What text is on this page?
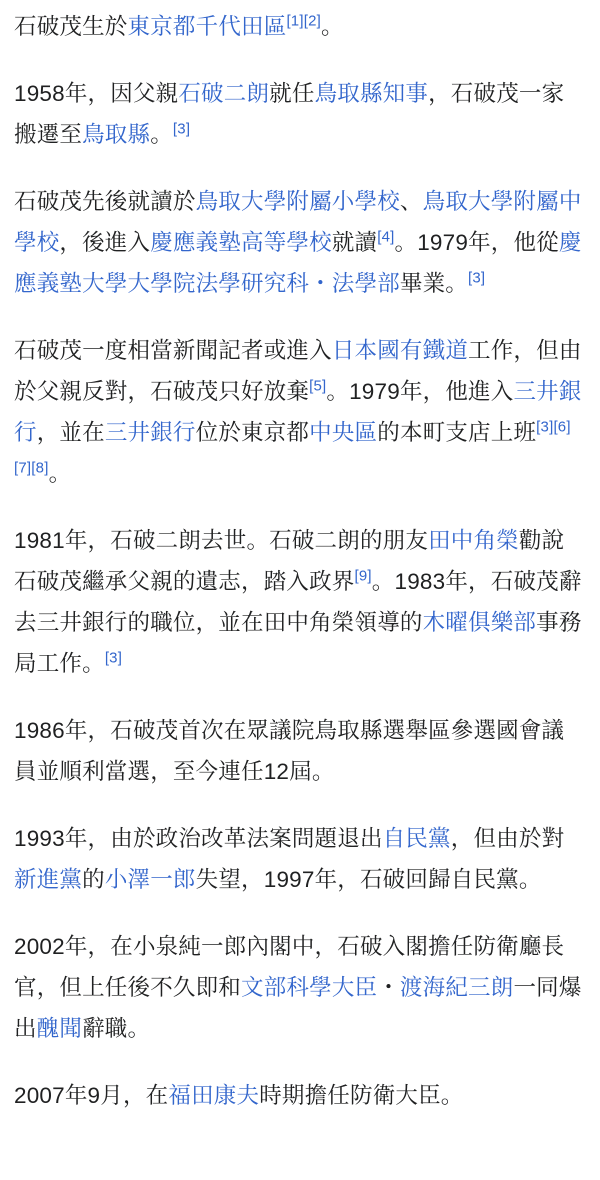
石破茂生於東京都千代田區[1][2]。

1958年，因父親石破二朗就任鳥取縣知事，石破茂一家搬遷至鳥取縣。[3]

石破茂先後就讀於鳥取大學附屬小學校、鳥取大學附屬中學校，後進入慶應義塾高等學校就讀[4]。1979年，他從慶應義塾大學大學院法學研究科・法學部畢業。[3]

石破茂一度相當新聞記者或進入日本國有鐵道工作，但由於父親反對，石破茂只好放棄[5]。1979年，他進入三井銀行，並在三井銀行位於東京都中央區的本町支店上班[3][6][7][8]。

1981年，石破二朗去世。石破二朗的朋友田中角榮勸說石破茂繼承父親的遺志，踏入政界[9]。1983年，石破茂辭去三井銀行的職位，並在田中角榮領導的木曜俱樂部事務局工作。[3]

1986年，石破茂首次在眾議院鳥取縣選舉區參選國會議員並順利當選，至今連任12屆。

1993年，由於政治改革法案問題退出自民黨，但由於對新進黨的小澤一郎失望，1997年，石破回歸自民黨。

2002年，在小泉純一郎內閣中，石破入閣擔任防衛廳長官，但上任後不久即和文部科學大臣・渡海紀三朗一同爆出醜聞辭職。

2007年9月，在福田康夫時期擔任防衛大臣。
